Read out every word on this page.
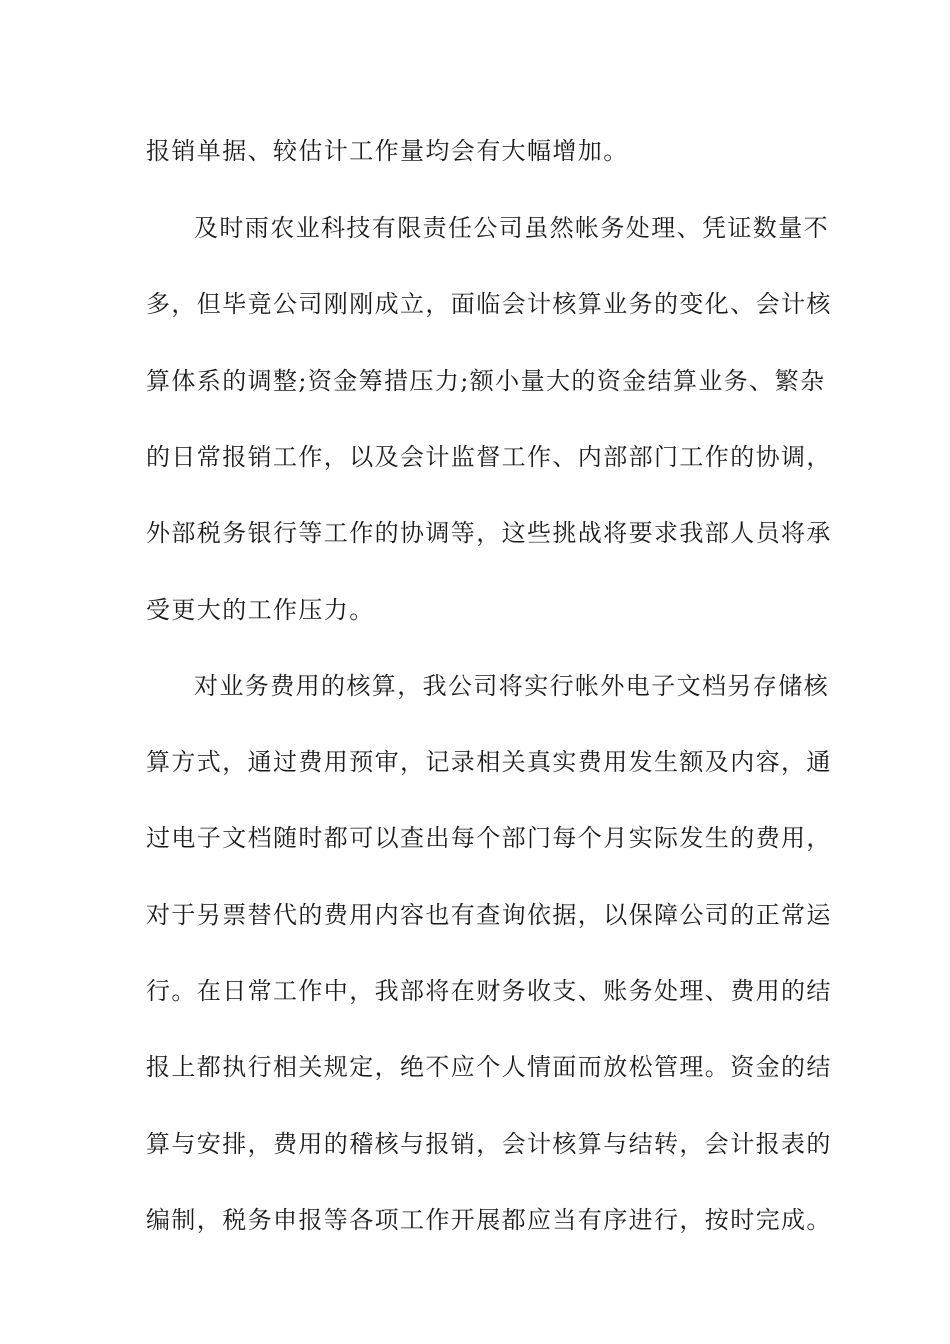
报销单据、较估计工作量均会有大幅增加。
及时雨农业科技有限责任公司虽然帐务处理、凭证数量不
多，但毕竟公司刚刚成立，面临会计核算业务的变化、会计核
算体系的调整;资金筹措压力;额小量大的资金结算业务、繁杂
的日常报销工作，以及会计监督工作、内部部门工作的协调，
外部税务银行等工作的协调等，这些挑战将要求我部人员将承
受更大的工作压力。
对业务费用的核算，我公司将实行帐外电子文档另存储核
算方式，通过费用预审，记录相关真实费用发生额及内容，通
过电子文档随时都可以查出每个部门每个月实际发生的费用，
对于另票替代的费用内容也有查询依据，以保障公司的正常运
行。在日常工作中，我部将在财务收支、账务处理、费用的结
报上都执行相关规定，绝不应个人情面而放松管理。资金的结
算与安排，费用的稽核与报销，会计核算与结转，会计报表的
编制，税务申报等各项工作开展都应当有序进行，按时完成。
